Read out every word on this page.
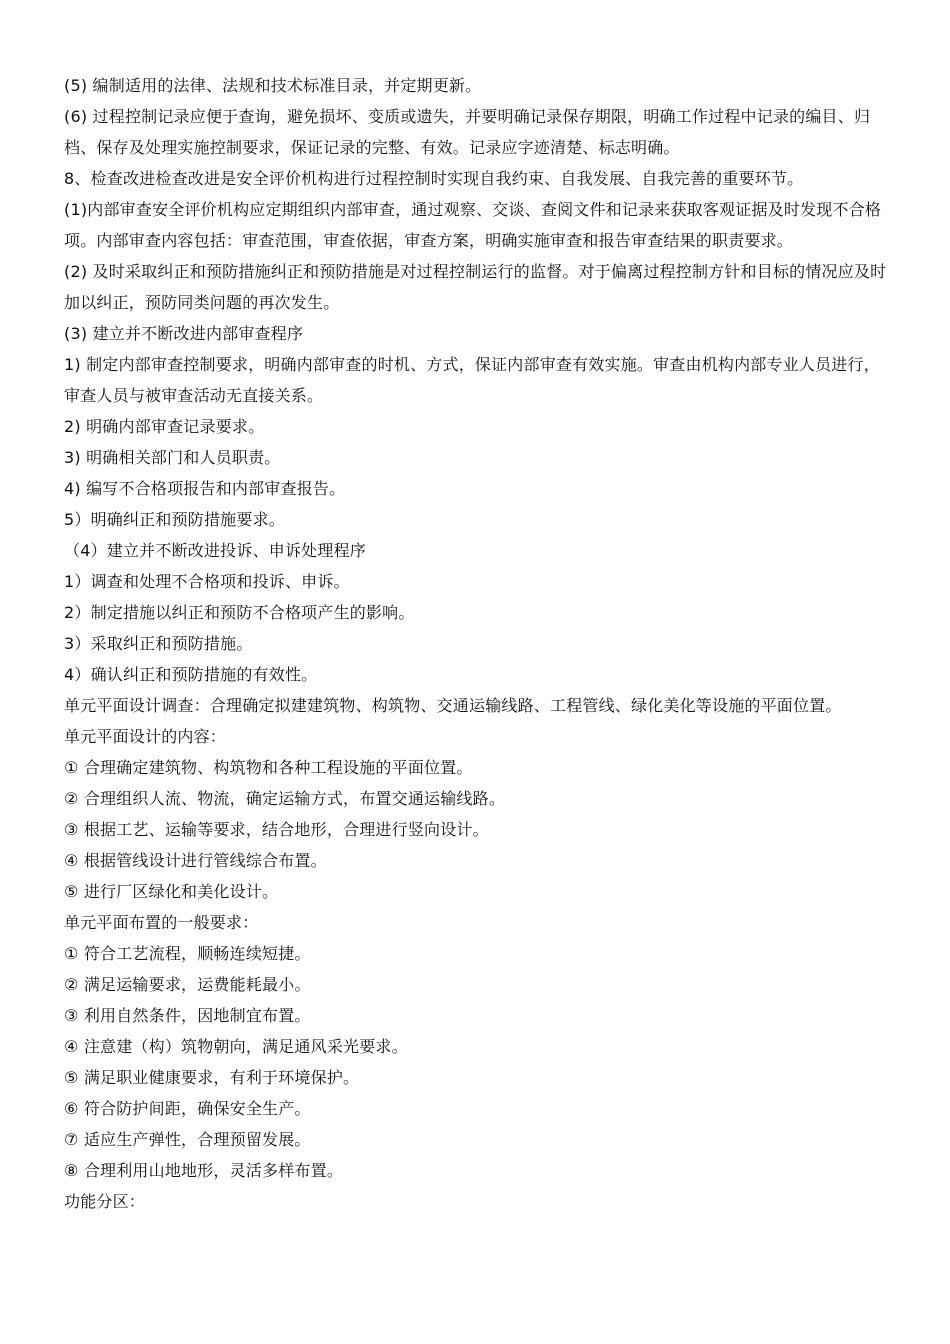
(5) 编制适用的法律、法规和技术标准目录，并定期更新。

(6) 过程控制记录应便于查询，避免损坏、变质或遗失，并要明确记录保存期限，明确工作过程中记录的编目、归档、保存及处理实施控制要求，保证记录的完整、有效。记录应字迹清楚、标志明确。

8、检查改进检查改进是安全评价机构进行过程控制时实现自我约束、自我发展、自我完善的重要环节。

(1)内部审查安全评价机构应定期组织内部审查，通过观察、交谈、查阅文件和记录来获取客观证据及时发现不合格项。内部审查内容包括：审查范围，审查依据，审查方案，明确实施审查和报告审查结果的职责要求。

(2) 及时采取纠正和预防措施纠正和预防措施是对过程控制运行的监督。对于偏离过程控制方针和目标的情况应及时加以纠正，预防同类问题的再次发生。

(3) 建立并不断改进内部审查程序

1) 制定内部审查控制要求，明确内部审查的时机、方式，保证内部审查有效实施。审查由机构内部专业人员进行，审查人员与被审查活动无直接关系。

2) 明确内部审查记录要求。

3) 明确相关部门和人员职责。

4) 编写不合格项报告和内部审查报告。

5）明确纠正和预防措施要求。

（4）建立并不断改进投诉、申诉处理程序

1）调查和处理不合格项和投诉、申诉。

2）制定措施以纠正和预防不合格项产生的影响。

3）采取纠正和预防措施。

4）确认纠正和预防措施的有效性。

单元平面设计调查：合理确定拟建建筑物、构筑物、交通运输线路、工程管线、绿化美化等设施的平面位置。

单元平面设计的内容：

① 合理确定建筑物、构筑物和各种工程设施的平面位置。

② 合理组织人流、物流，确定运输方式，布置交通运输线路。

③ 根据工艺、运输等要求，结合地形，合理进行竖向设计。

④ 根据管线设计进行管线综合布置。

⑤ 进行厂区绿化和美化设计。

单元平面布置的一般要求：

① 符合工艺流程，顺畅连续短捷。

② 满足运输要求，运费能耗最小。

③ 利用自然条件，因地制宜布置。

④ 注意建（构）筑物朝向，满足通风采光要求。

⑤ 满足职业健康要求，有利于环境保护。

⑥ 符合防护间距，确保安全生产。

⑦ 适应生产弹性，合理预留发展。

⑧ 合理利用山地地形，灵活多样布置。

功能分区：
